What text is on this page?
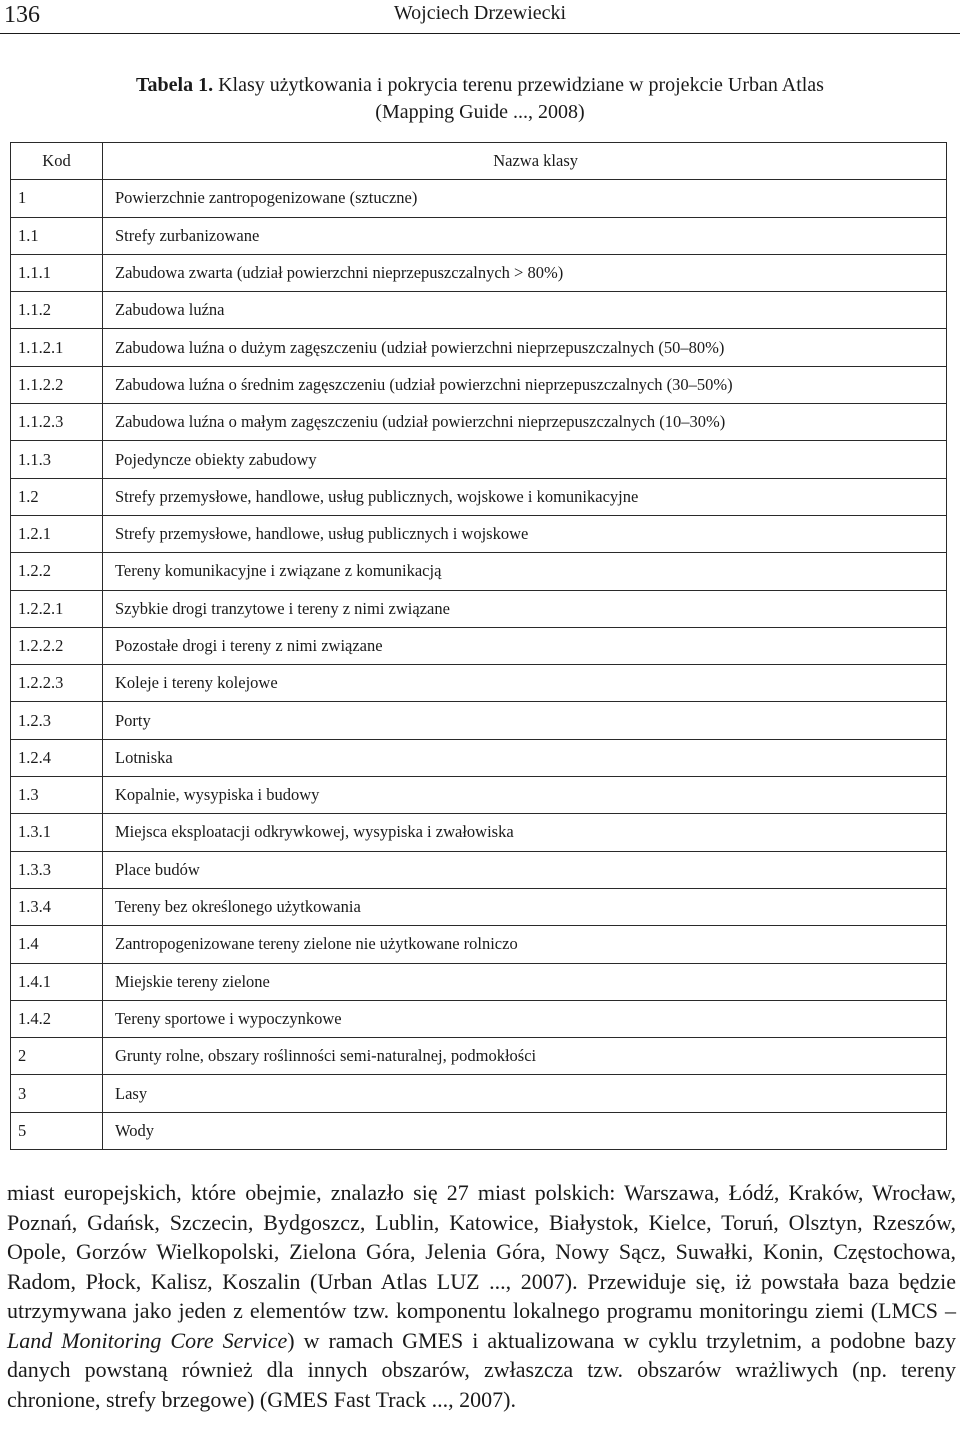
136	Wojciech Drzewiecki
Tabela 1. Klasy użytkowania i pokrycia terenu przewidziane w projekcie Urban Atlas
(Mapping Guide ..., 2008)
Kod	Nazwa klasy
1	Powierzchnie zantropogenizowane (sztuczne)
1.1	Strefy zurbanizowane
1.1.1	Zabudowa zwarta (udział powierzchni nieprzepuszczalnych > 80%)
1.1.2	Zabudowa luźna
1.1.2.1	Zabudowa luźna o dużym zagęszczeniu (udział powierzchni nieprzepuszczalnych (50–80%)
1.1.2.2	Zabudowa luźna o średnim zagęszczeniu (udział powierzchni nieprzepuszczalnych (30–50%)
1.1.2.3	Zabudowa luźna o małym zagęszczeniu (udział powierzchni nieprzepuszczalnych (10–30%)
1.1.3	Pojedyncze obiekty zabudowy
1.2	Strefy przemysłowe, handlowe, usług publicznych, wojskowe i komunikacyjne
1.2.1	Strefy przemysłowe, handlowe, usług publicznych i wojskowe
1.2.2	Tereny komunikacyjne i związane z komunikacją
1.2.2.1	Szybkie drogi tranzytowe i tereny z nimi związane
1.2.2.2	Pozostałe drogi i tereny z nimi związane
1.2.2.3	Koleje i tereny kolejowe
1.2.3	Porty
1.2.4	Lotniska
1.3	Kopalnie, wysypiska i budowy
1.3.1	Miejsca eksploatacji odkrywkowej, wysypiska i zwałowiska
1.3.3	Place budów
1.3.4	Tereny bez określonego użytkowania
1.4	Zantropogenizowane tereny zielone nie użytkowane rolniczo
1.4.1	Miejskie tereny zielone
1.4.2	Tereny sportowe i wypoczynkowe
2	Grunty rolne, obszary roślinności semi-naturalnej, podmokłości
3	Lasy
5	Wody

miast europejskich, które obejmie, znalazło się 27 miast polskich: Warszawa, Łódź, Kraków, Wrocław, Poznań, Gdańsk, Szczecin, Bydgoszcz, Lublin, Katowice, Białystok, Kielce, Toruń, Olsztyn, Rzeszów, Opole, Gorzów Wielkopolski, Zielona Góra, Jelenia Góra, Nowy Sącz, Suwałki, Konin, Częstochowa, Radom, Płock, Kalisz, Koszalin (Urban Atlas LUZ ..., 2007). Przewiduje się, iż powstała baza będzie utrzymywana jako jeden z elementów tzw. komponentu lokalnego programu monitoringu ziemi (LMCS – Land Monitoring Core Service) w ramach GMES i aktualizowana w cyklu trzyletnim, a podobne bazy danych powstaną również dla innych obszarów, zwłaszcza tzw. obszarów wrażliwych (np. tereny chronione, strefy brzegowe) (GMES Fast Track ..., 2007).
